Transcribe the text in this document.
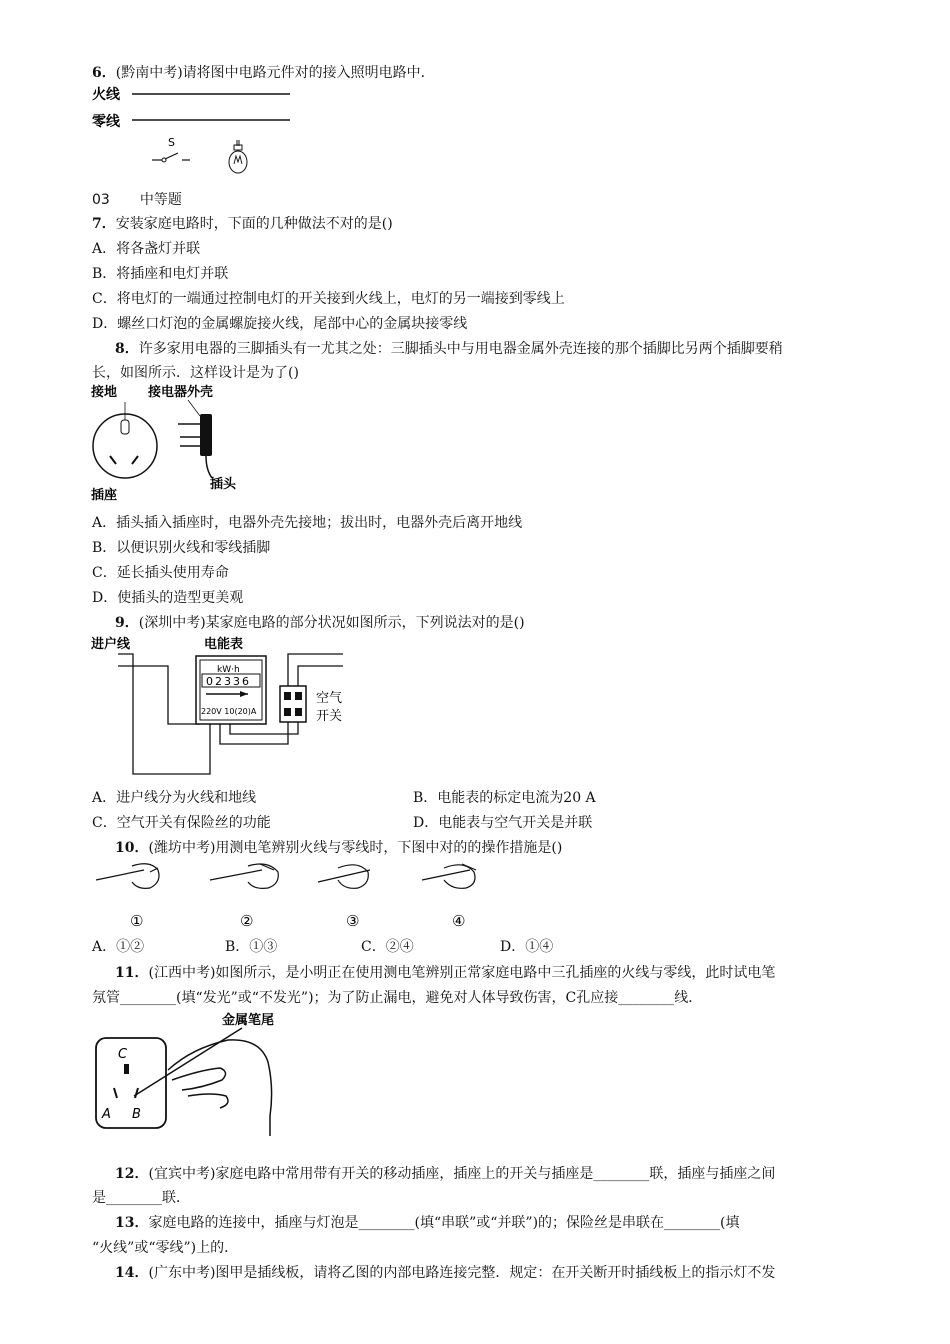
6．(黔南中考)请将图中电路元件对的接入照明电路中．
火线
零线
S
03 中等题
7．安装家庭电路时，下面的几种做法不对的是()
A．将各盏灯并联
B．将插座和电灯并联
C．将电灯的一端通过控制电灯的开关接到火线上，电灯的另一端接到零线上
D．螺丝口灯泡的金属螺旋接火线，尾部中心的金属块接零线
8．许多家用电器的三脚插头有一尤其之处：三脚插头中与用电器金属外壳连接的那个插脚比另两个插脚要稍
长，如图所示．这样设计是为了()
接地 接电器外壳
插座
插头
A．插头插入插座时，电器外壳先接地；拔出时，电器外壳后离开地线
B．以便识别火线和零线插脚
C．延长插头使用寿命
D．使插头的造型更美观
9．(深圳中考)某家庭电路的部分状况如图所示，下列说法对的是()
进户线	电能表
kW·h
02336
220V 10(20)A
空气
开关
A．进户线分为火线和地线	B．电能表的标定电流为20 A
C．空气开关有保险丝的功能	D．电能表与空气开关是并联
10．(潍坊中考)用测电笔辨别火线与零线时，下图中对的的操作措施是()
①	②	③	④
A．①②	B．①③	C．②④	D．①④
11．(江西中考)如图所示，是小明正在使用测电笔辨别正常家庭电路中三孔插座的火线与零线，此时试电笔
氖管________(填“发光”或“不发光”)；为了防止漏电，避免对人体导致伤害，C孔应接________线．
金属笔尾
C
A B
12．(宜宾中考)家庭电路中常用带有开关的移动插座，插座上的开关与插座是________联，插座与插座之间
是________联．
13．家庭电路的连接中，插座与灯泡是________(填“串联”或“并联”)的；保险丝是串联在________(填
“火线”或“零线”)上的．
14．(广东中考)图甲是插线板，请将乙图的内部电路连接完整．规定：在开关断开时插线板上的指示灯不发
